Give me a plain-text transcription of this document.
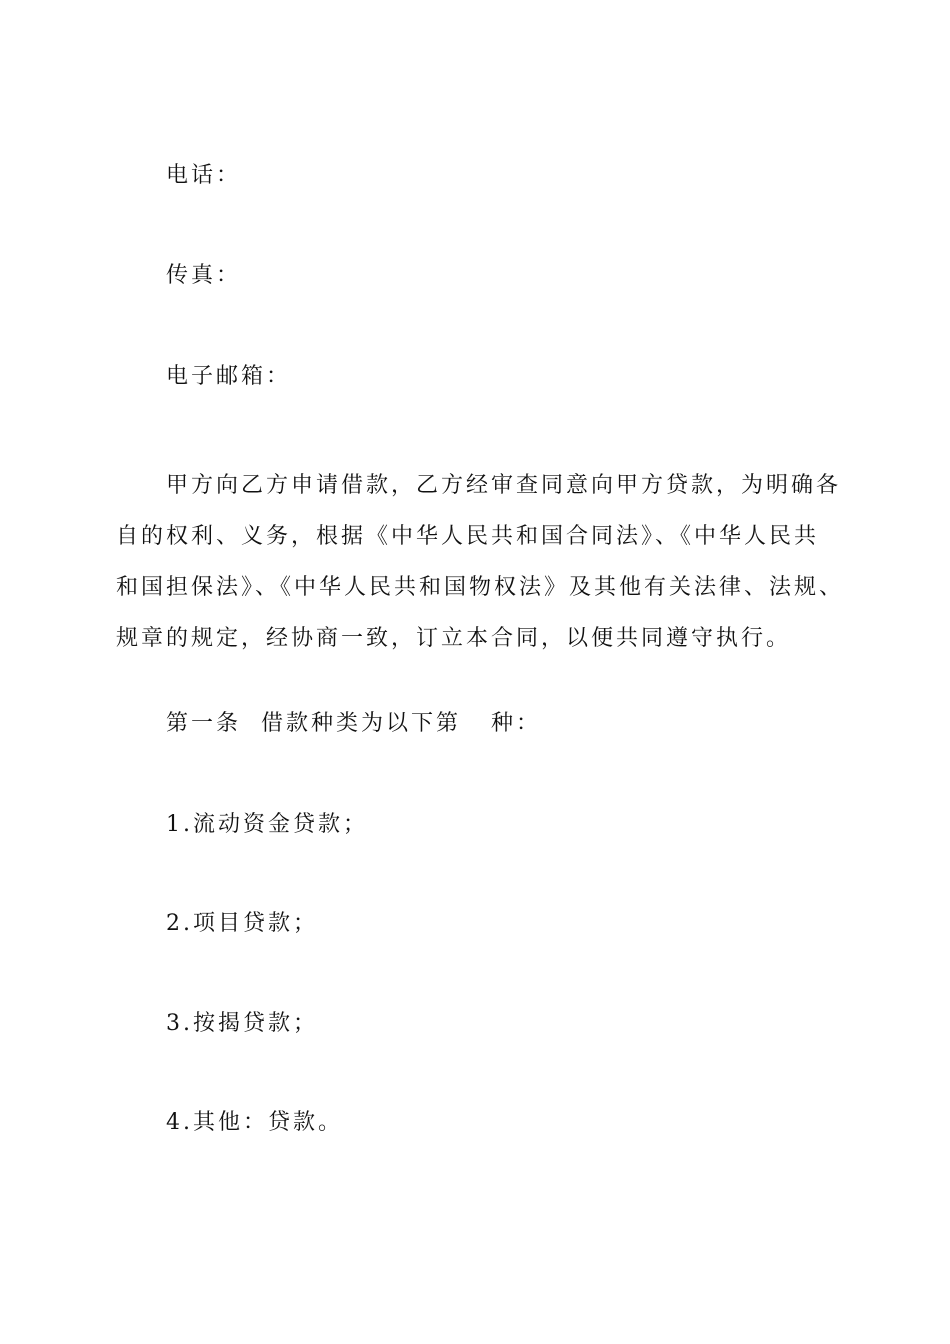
电话：
传真：
电子邮箱：
甲方向乙方申请借款，乙方经审查同意向甲方贷款，为明确各
自的权利、义务，根据《中华人民共和国合同法》、《中华人民共
和国担保法》、《中华人民共和国物权法》及其他有关法律、法规、
规章的规定，经协商一致，订立本合同，以便共同遵守执行。
第一条  借款种类为以下第   种：
1.流动资金贷款；
2.项目贷款；
3.按揭贷款；
4.其他：贷款。
